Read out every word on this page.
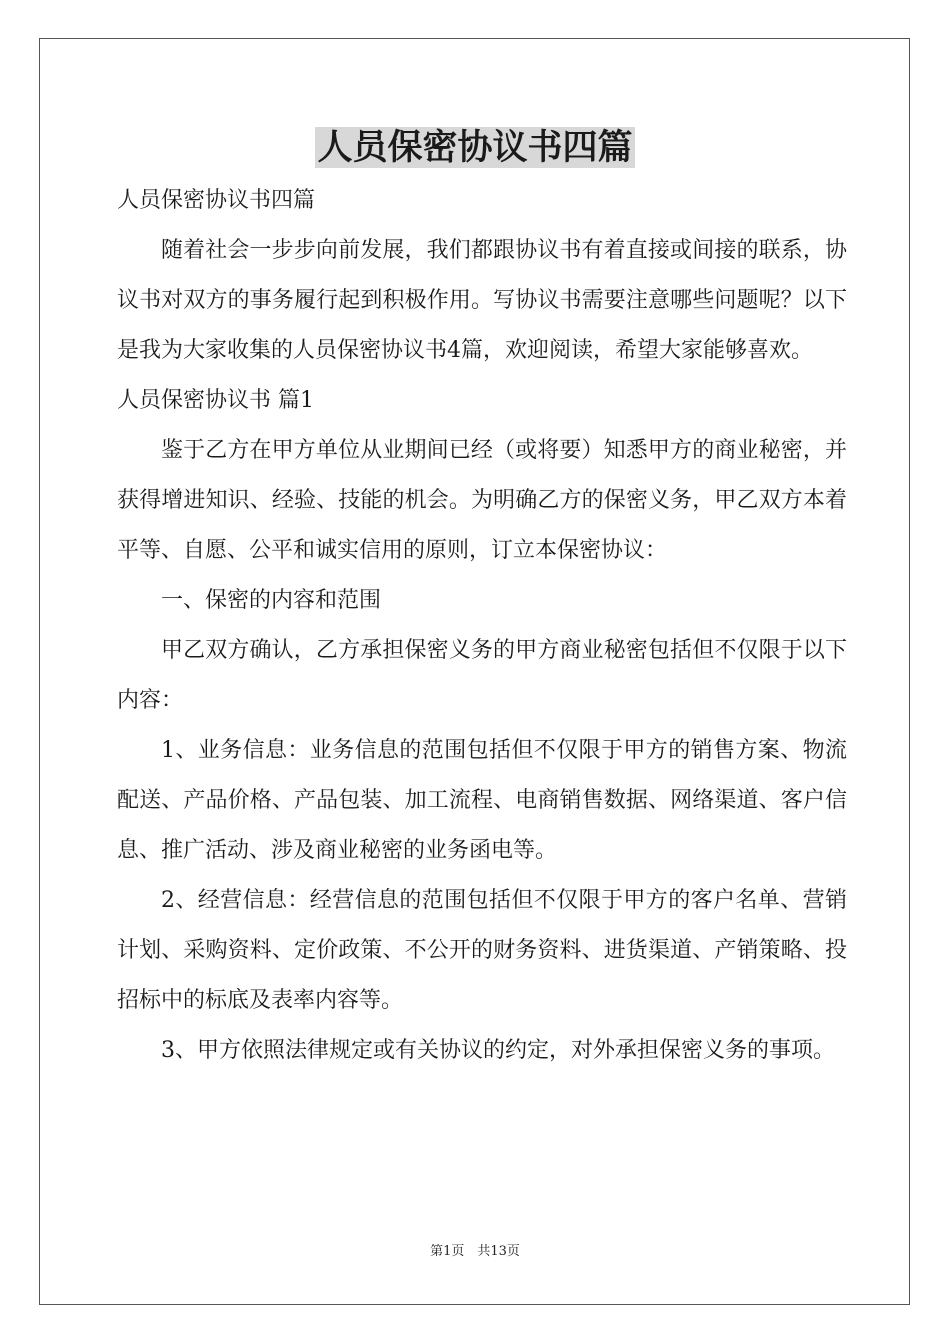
人员保密协议书四篇

人员保密协议书四篇

随着社会一步步向前发展，我们都跟协议书有着直接或间接的联系，协议书对双方的事务履行起到积极作用。写协议书需要注意哪些问题呢？以下是我为大家收集的人员保密协议书4篇，欢迎阅读，希望大家能够喜欢。

人员保密协议书 篇1

鉴于乙方在甲方单位从业期间已经（或将要）知悉甲方的商业秘密，并获得增进知识、经验、技能的机会。为明确乙方的保密义务，甲乙双方本着平等、自愿、公平和诚实信用的原则，订立本保密协议：

一、保密的内容和范围

甲乙双方确认，乙方承担保密义务的甲方商业秘密包括但不仅限于以下内容：

1、业务信息：业务信息的范围包括但不仅限于甲方的销售方案、物流配送、产品价格、产品包装、加工流程、电商销售数据、网络渠道、客户信息、推广活动、涉及商业秘密的业务函电等。

2、经营信息：经营信息的范围包括但不仅限于甲方的客户名单、营销计划、采购资料、定价政策、不公开的财务资料、进货渠道、产销策略、投招标中的标底及表率内容等。

3、甲方依照法律规定或有关协议的约定，对外承担保密义务的事项。

第1页　共13页
